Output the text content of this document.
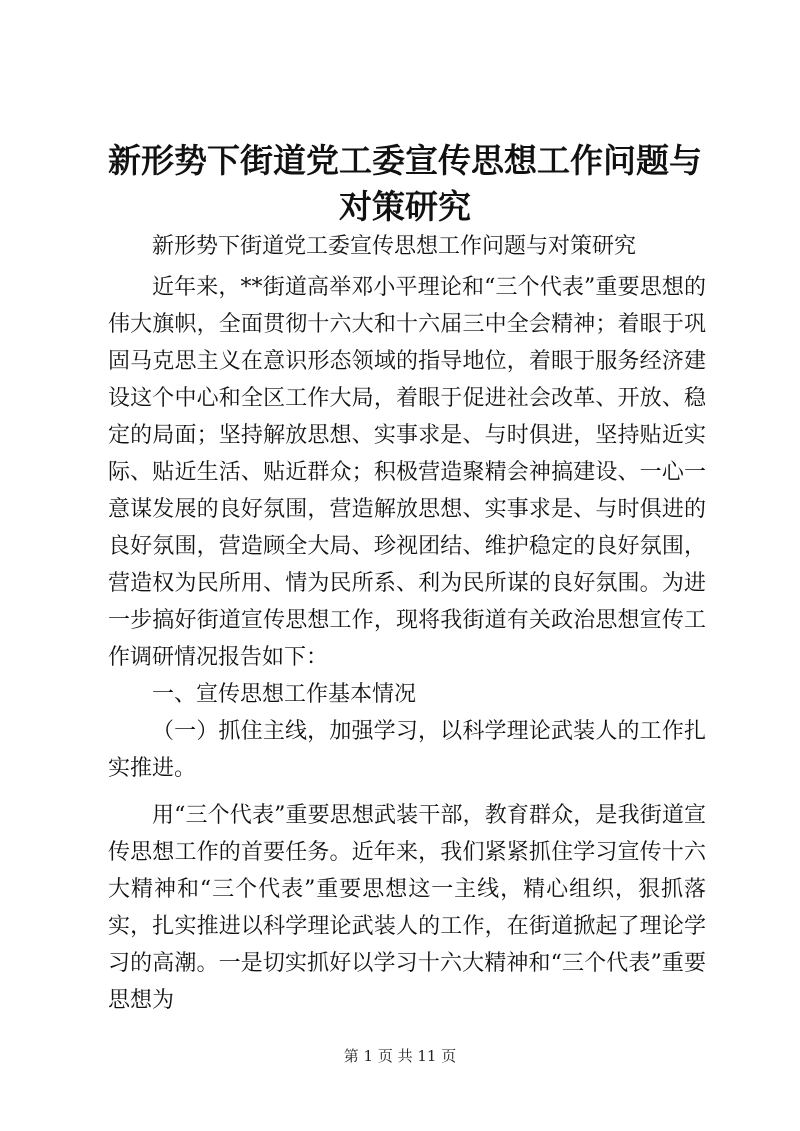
新形势下街道党工委宣传思想工作问题与对策研究

新形势下街道党工委宣传思想工作问题与对策研究

近年来，**街道高举邓小平理论和“三个代表”重要思想的伟大旗帜，全面贯彻十六大和十六届三中全会精神；着眼于巩固马克思主义在意识形态领域的指导地位，着眼于服务经济建设这个中心和全区工作大局，着眼于促进社会改革、开放、稳定的局面；坚持解放思想、实事求是、与时俱进，坚持贴近实际、贴近生活、贴近群众；积极营造聚精会神搞建设、一心一意谋发展的良好氛围，营造解放思想、实事求是、与时俱进的良好氛围，营造顾全大局、珍视团结、维护稳定的良好氛围，营造权为民所用、情为民所系、利为民所谋的良好氛围。为进一步搞好街道宣传思想工作，现将我街道有关政治思想宣传工作调研情况报告如下：

一、宣传思想工作基本情况

（一）抓住主线，加强学习，以科学理论武装人的工作扎实推进。

用“三个代表”重要思想武装干部，教育群众，是我街道宣传思想工作的首要任务。近年来，我们紧紧抓住学习宣传十六大精神和“三个代表”重要思想这一主线，精心组织，狠抓落实，扎实推进以科学理论武装人的工作，在街道掀起了理论学习的高潮。一是切实抓好以学习十六大精神和“三个代表”重要思想为

第 1 页 共 11 页
